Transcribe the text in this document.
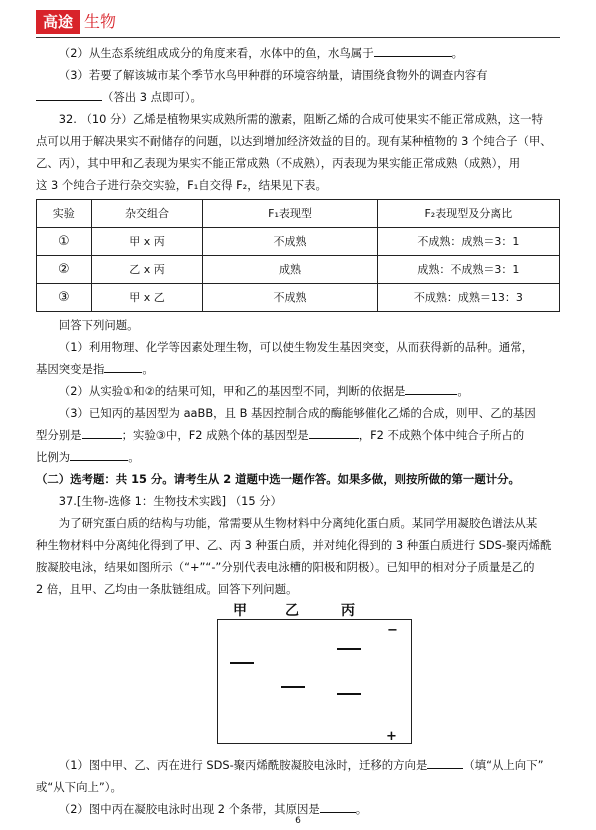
高途 生物

（2）从生态系统组成成分的角度来看，水体中的鱼，水鸟属于	。

（3）若要了解该城市某个季节水鸟甲种群的环境容纳量，请围绕食物外的调查内容有

（答出 3 点即可）。

32. （10 分）乙烯是植物果实成熟所需的激素，阻断乙烯的合成可使果实不能正常成熟，这一特

点可以用于解决果实不耐储存的问题，以达到增加经济效益的目的。现有某种植物的 3 个纯合子（甲、

乙、丙），其中甲和乙表现为果实不能正常成熟（不成熟），丙表现为果实能正常成熟（成熟），用

这 3 个纯合子进行杂交实验，F₁自交得 F₂，结果见下表。

实验	杂交组合	F₁表现型	F₂表现型及分离比
①	甲 x 丙	不成熟	不成熟：成熟＝3：1
②	乙 x 丙	成熟	成熟：不成熟＝3：1
③	甲 x 乙	不成熟	不成熟：成熟＝13：3

回答下列问题。

（1）利用物理、化学等因素处理生物，可以使生物发生基因突变，从而获得新的品种。通常，

基因突变是指	。

（2）从实验①和②的结果可知，甲和乙的基因型不同，判断的依据是	。

（3）已知丙的基因型为 aaBB，且 B 基因控制合成的酶能够催化乙烯的合成，则甲、乙的基因

型分别是	；实验③中，F2 成熟个体的基因型是	，F2 不成熟个体中纯合子所占的

比例为	。

（二）选考题：共 15 分。请考生从 2 道题中选一题作答。如果多做，则按所做的第一题计分。

37.[生物-选修 1：生物技术实践] （15 分）

为了研究蛋白质的结构与功能，常需要从生物材料中分离纯化蛋白质。某同学用凝胶色谱法从某

种生物材料中分离纯化得到了甲、乙、丙 3 种蛋白质，并对纯化得到的 3 种蛋白质进行 SDS-聚丙烯酰

胺凝胶电泳，结果如图所示（“+”“-”分别代表电泳槽的阳极和阴极）。已知甲的相对分子质量是乙的

2 倍，且甲、乙均由一条肽链组成。回答下列问题。

甲	乙	丙
−
+

（1）图中甲、乙、丙在进行 SDS-聚丙烯酰胺凝胶电泳时，迁移的方向是	（填“从上向下”

或“从下向上”）。

（2）图中丙在凝胶电泳时出现 2 个条带，其原因是	。

6
